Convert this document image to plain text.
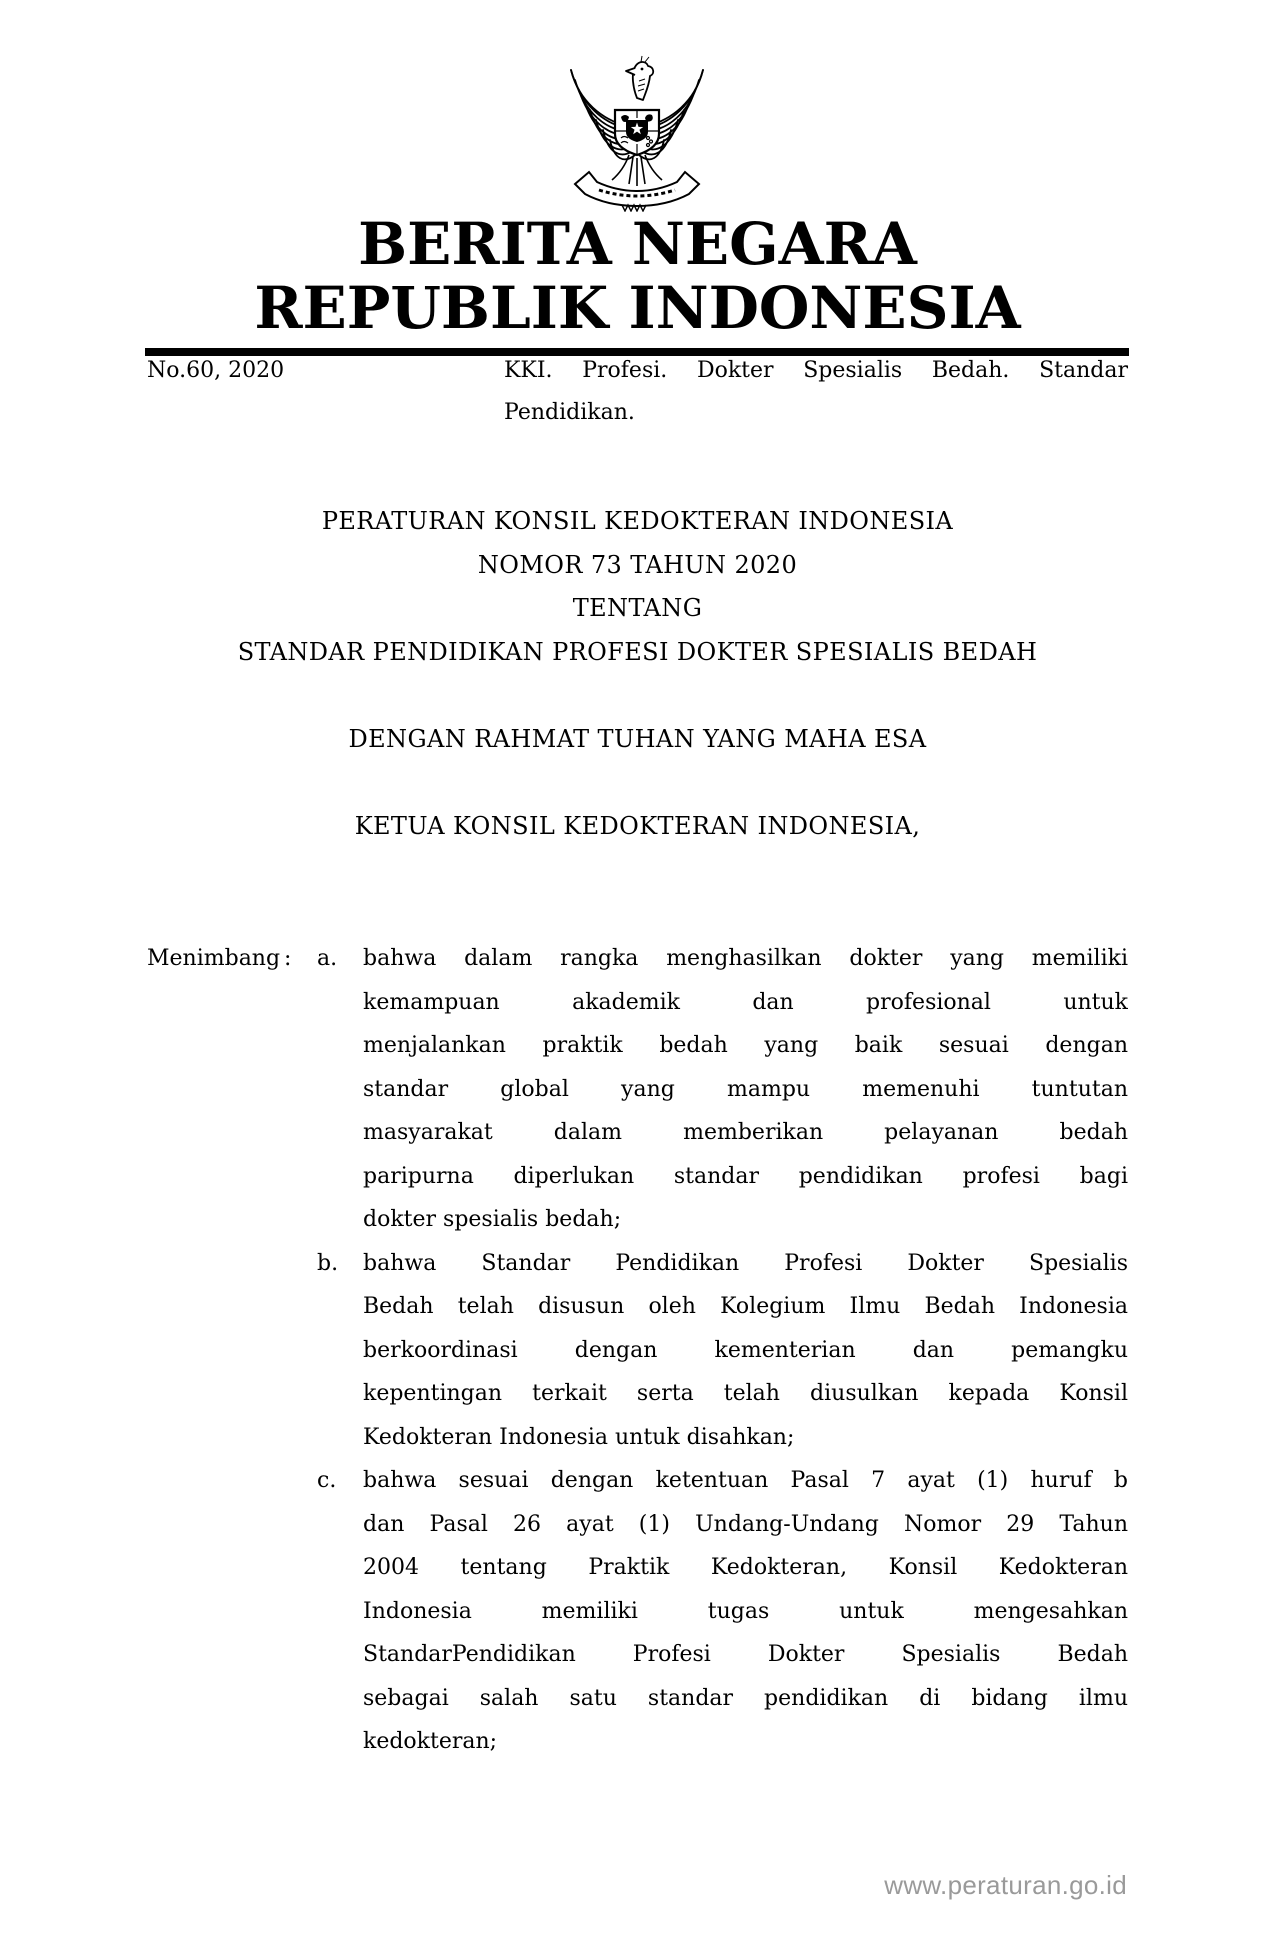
BERITA NEGARA
REPUBLIK INDONESIA
No.60, 2020	KKI. Profesi. Dokter Spesialis Bedah. Standar
Pendidikan.
PERATURAN KONSIL KEDOKTERAN INDONESIA
NOMOR 73 TAHUN 2020
TENTANG
STANDAR PENDIDIKAN PROFESI DOKTER SPESIALIS BEDAH
DENGAN RAHMAT TUHAN YANG MAHA ESA
KETUA KONSIL KEDOKTERAN INDONESIA,
Menimbang : a.
b.
c.
bahwa dalam rangka menghasilkan dokter yang memiliki
kemampuan akademik dan profesional untuk
menjalankan praktik bedah yang baik sesuai dengan
standar global yang mampu memenuhi tuntutan
masyarakat dalam memberikan pelayanan bedah
paripurna diperlukan standar pendidikan profesi bagi
dokter spesialis bedah;
bahwa Standar Pendidikan Profesi Dokter Spesialis
Bedah telah disusun oleh Kolegium Ilmu Bedah Indonesia
berkoordinasi dengan kementerian dan pemangku
kepentingan terkait serta telah diusulkan kepada Konsil
Kedokteran Indonesia untuk disahkan;
bahwa sesuai dengan ketentuan Pasal 7 ayat (1) huruf b
dan Pasal 26 ayat (1) Undang-Undang Nomor 29 Tahun
2004 tentang Praktik Kedokteran, Konsil Kedokteran
Indonesia memiliki tugas untuk mengesahkan
StandarPendidikan Profesi Dokter Spesialis Bedah
sebagai salah satu standar pendidikan di bidang ilmu
kedokteran;
www.peraturan.go.id
